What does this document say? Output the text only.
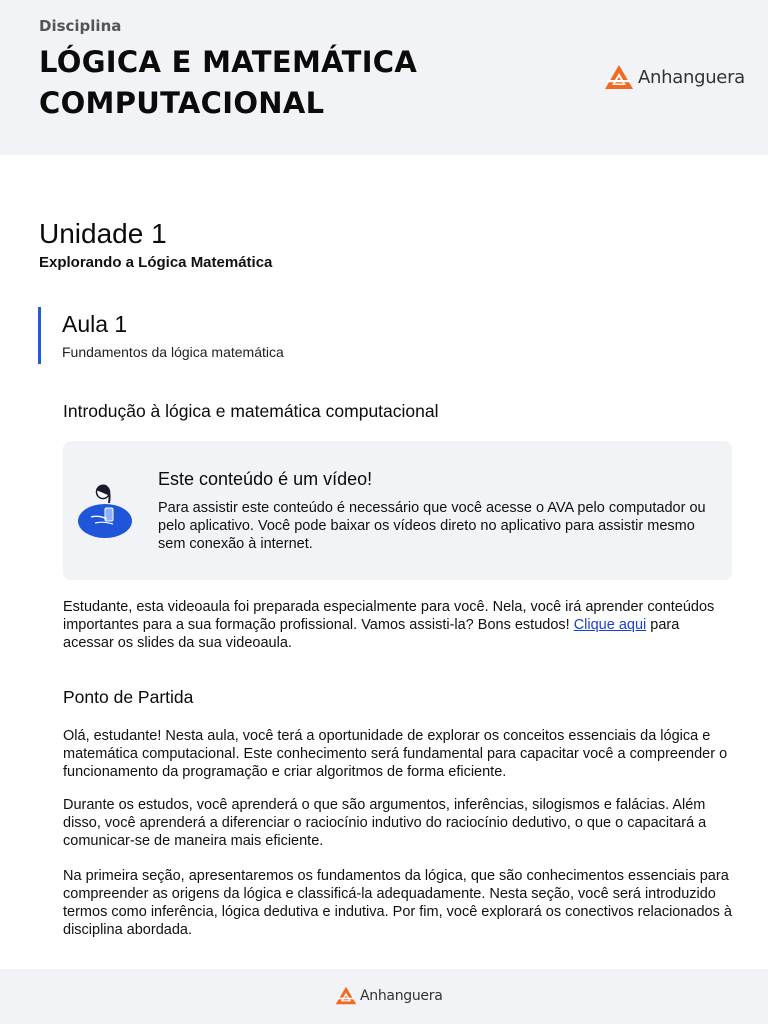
Disciplina
LÓGICA E MATEMÁTICA COMPUTACIONAL
Anhanguera
Unidade 1
Explorando a Lógica Matemática
Aula 1
Fundamentos da lógica matemática
Introdução à lógica e matemática computacional
Este conteúdo é um vídeo!
Para assistir este conteúdo é necessário que você acesse o AVA pelo computador ou pelo aplicativo. Você pode baixar os vídeos direto no aplicativo para assistir mesmo sem conexão à internet.
Estudante, esta videoaula foi preparada especialmente para você. Nela, você irá aprender conteúdos importantes para a sua formação profissional. Vamos assisti-la? Bons estudos! Clique aqui para acessar os slides da sua videoaula.
Ponto de Partida
Olá, estudante! Nesta aula, você terá a oportunidade de explorar os conceitos essenciais da lógica e matemática computacional. Este conhecimento será fundamental para capacitar você a compreender o funcionamento da programação e criar algoritmos de forma eficiente.
Durante os estudos, você aprenderá o que são argumentos, inferências, silogismos e falácias. Além disso, você aprenderá a diferenciar o raciocínio indutivo do raciocínio dedutivo, o que o capacitará a comunicar-se de maneira mais eficiente.
Na primeira seção, apresentaremos os fundamentos da lógica, que são conhecimentos essenciais para compreender as origens da lógica e classificá-la adequadamente. Nesta seção, você será introduzido termos como inferência, lógica dedutiva e indutiva. Por fim, você explorará os conectivos relacionados à disciplina abordada.
Anhanguera
